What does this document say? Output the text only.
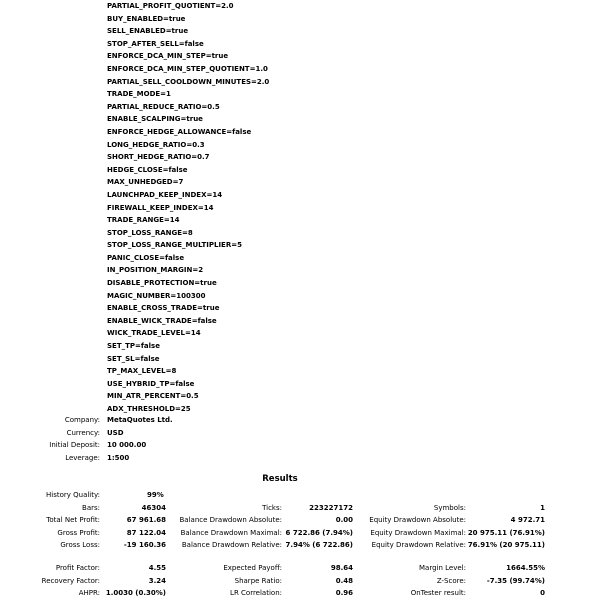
PARTIAL_PROFIT_QUOTIENT=2.0
BUY_ENABLED=true
SELL_ENABLED=true
STOP_AFTER_SELL=false
ENFORCE_DCA_MIN_STEP=true
ENFORCE_DCA_MIN_STEP_QUOTIENT=1.0
PARTIAL_SELL_COOLDOWN_MINUTES=2.0
TRADE_MODE=1
PARTIAL_REDUCE_RATIO=0.5
ENABLE_SCALPING=true
ENFORCE_HEDGE_ALLOWANCE=false
LONG_HEDGE_RATIO=0.3
SHORT_HEDGE_RATIO=0.7
HEDGE_CLOSE=false
MAX_UNHEDGED=7
LAUNCHPAD_KEEP_INDEX=14
FIREWALL_KEEP_INDEX=14
TRADE_RANGE=14
STOP_LOSS_RANGE=8
STOP_LOSS_RANGE_MULTIPLIER=5
PANIC_CLOSE=false
IN_POSITION_MARGIN=2
DISABLE_PROTECTION=true
MAGIC_NUMBER=100300
ENABLE_CROSS_TRADE=true
ENABLE_WICK_TRADE=false
WICK_TRADE_LEVEL=14
SET_TP=false
SET_SL=false
TP_MAX_LEVEL=8
USE_HYBRID_TP=false
MIN_ATR_PERCENT=0.5
ADX_THRESHOLD=25
Company: MetaQuotes Ltd.
Currency: USD
Initial Deposit: 10 000.00
Leverage: 1:500
Results
History Quality:	99%
Bars:	46304	Ticks:	223227172	Symbols:	1
Total Net Profit:	67 961.68 Balance Drawdown Absolute:	0.00 Equity Drawdown Absolute:	4 972.71
Gross Profit:	87 122.04 Balance Drawdown Maximal: 6 722.86 (7.94%) Equity Drawdown Maximal: 20 975.11 (76.91%)
Gross Loss:	-19 160.36 Balance Drawdown Relative: 7.94% (6 722.86)	Equity Drawdown Relative: 76.91% (20 975.11)
Profit Factor:	4.55	Expected Payoff:	98.64	Margin Level:	1664.55%
Recovery Factor:	3.24	Sharpe Ratio:	0.48	Z-Score:	-7.35 (99.74%)
AHPR: 1.0030 (0.30%)	LR Correlation:	0.96	OnTester result:	0
